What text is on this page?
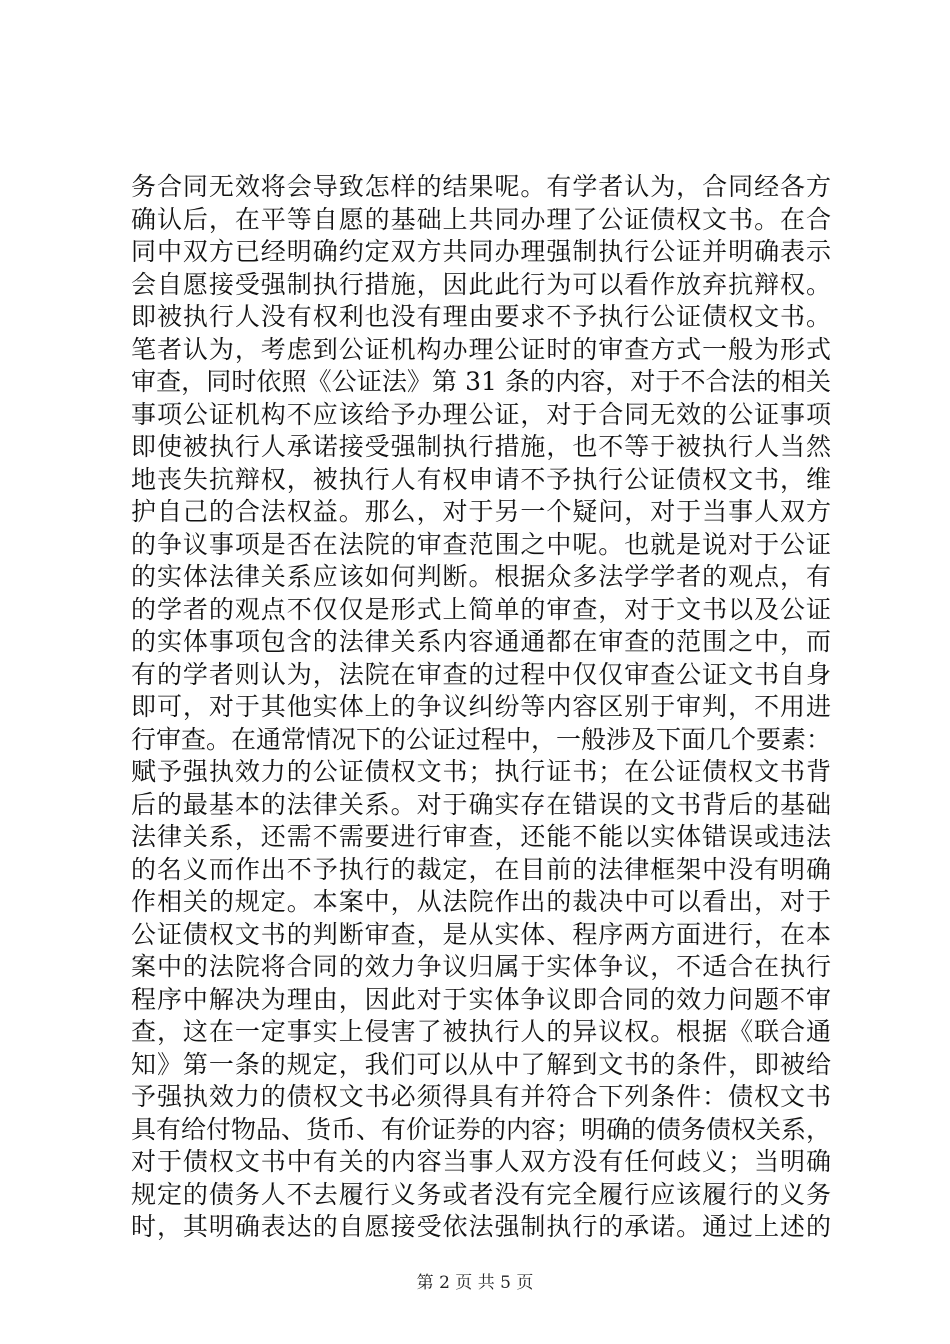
务合同无效将会导致怎样的结果呢。有学者认为，合同经各方
确认后，在平等自愿的基础上共同办理了公证债权文书。在合
同中双方已经明确约定双方共同办理强制执行公证并明确表示
会自愿接受强制执行措施，因此此行为可以看作放弃抗辩权。
即被执行人没有权利也没有理由要求不予执行公证债权文书。
笔者认为，考虑到公证机构办理公证时的审查方式一般为形式
审查，同时依照《公证法》第 31 条的内容，对于不合法的相关
事项公证机构不应该给予办理公证，对于合同无效的公证事项
即使被执行人承诺接受强制执行措施，也不等于被执行人当然
地丧失抗辩权，被执行人有权申请不予执行公证债权文书，维
护自己的合法权益。那么，对于另一个疑问，对于当事人双方
的争议事项是否在法院的审查范围之中呢。也就是说对于公证
的实体法律关系应该如何判断。根据众多法学学者的观点，有
的学者的观点不仅仅是形式上简单的审查，对于文书以及公证
的实体事项包含的法律关系内容通通都在审查的范围之中，而
有的学者则认为，法院在审查的过程中仅仅审查公证文书自身
即可，对于其他实体上的争议纠纷等内容区别于审判，不用进
行审查。在通常情况下的公证过程中，一般涉及下面几个要素：
赋予强执效力的公证债权文书；执行证书；在公证债权文书背
后的最基本的法律关系。对于确实存在错误的文书背后的基础
法律关系，还需不需要进行审查，还能不能以实体错误或违法
的名义而作出不予执行的裁定，在目前的法律框架中没有明确
作相关的规定。本案中，从法院作出的裁决中可以看出，对于
公证债权文书的判断审查，是从实体、程序两方面进行，在本
案中的法院将合同的效力争议归属于实体争议，不适合在执行
程序中解决为理由，因此对于实体争议即合同的效力问题不审
查，这在一定事实上侵害了被执行人的异议权。根据《联合通
知》第一条的规定，我们可以从中了解到文书的条件，即被给
予强执效力的债权文书必须得具有并符合下列条件：债权文书
具有给付物品、货币、有价证券的内容；明确的债务债权关系，
对于债权文书中有关的内容当事人双方没有任何歧义；当明确
规定的债务人不去履行义务或者没有完全履行应该履行的义务
时，其明确表达的自愿接受依法强制执行的承诺。通过上述的
第 2 页 共 5 页
